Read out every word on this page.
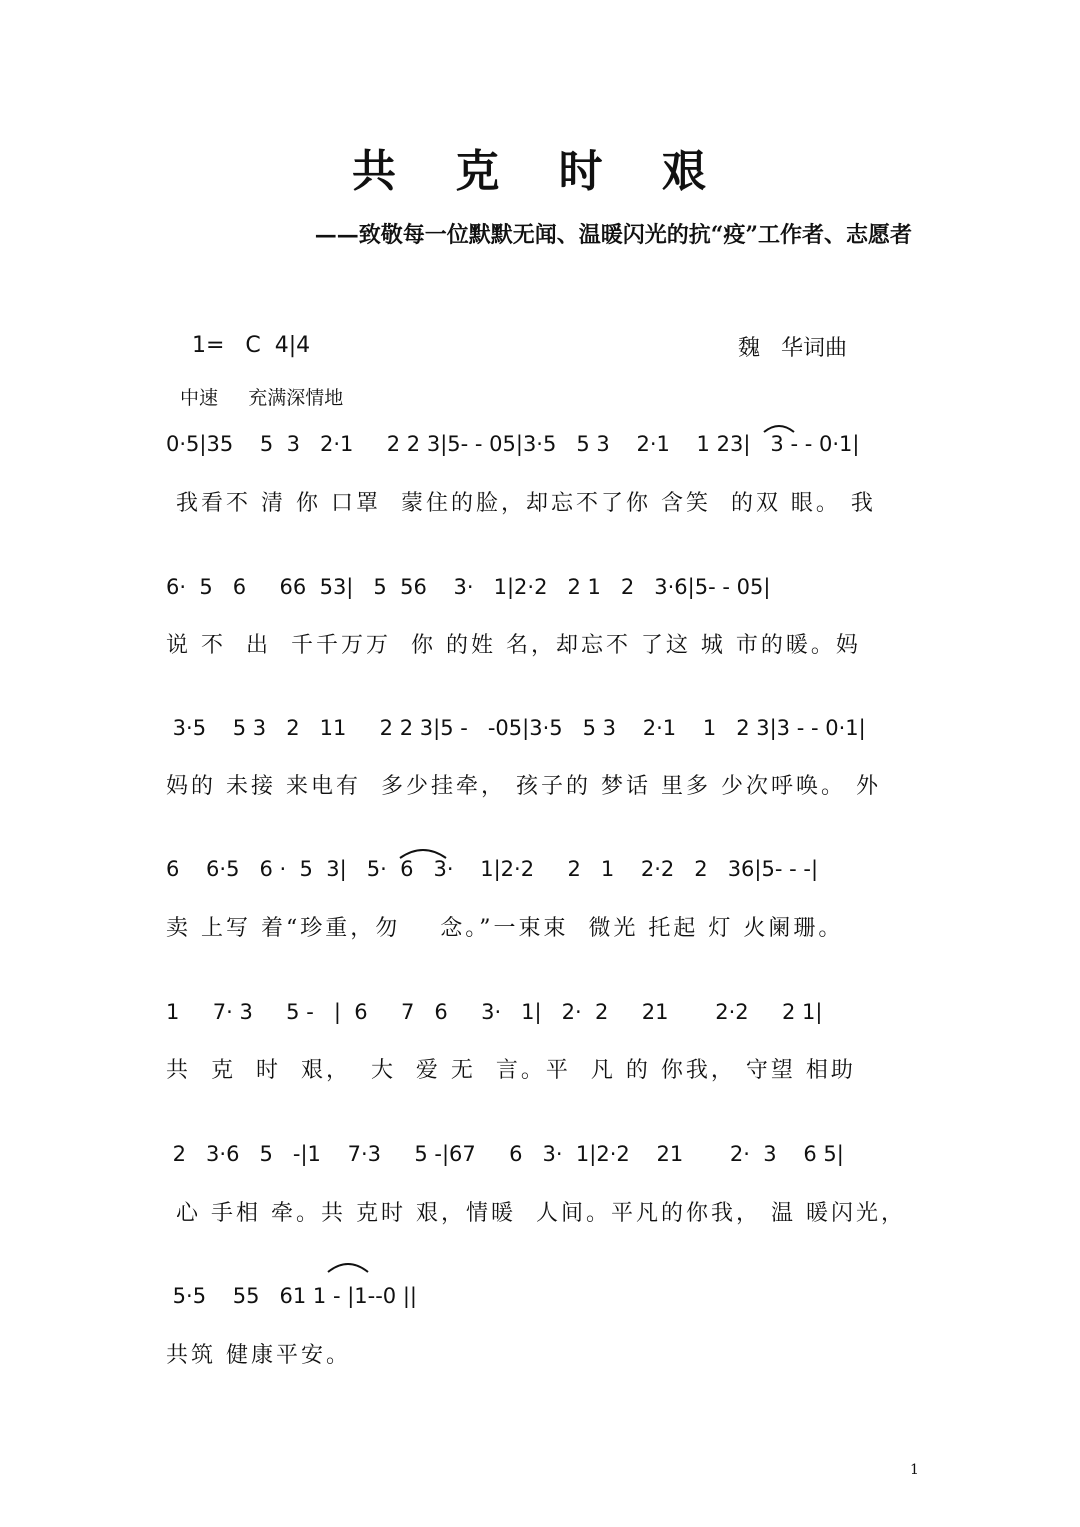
共 克 时 艰
——致敬每一位默默无闻、温暖闪光的抗“疫”工作者、志愿者
1=   C  4|4	魏   华词曲
中速     充满深情地
0·5|35    5  3   2·1     2 2 3|5- - 05|3·5   5 3    2·1    1 23|   3 - - 0·1|
我看不 清 你 口罩  蒙住的脸，却忘不了你 含笑  的双 眼。 我
6·  5   6     66  53|   5  56    3·   1|2·2   2 1   2   3·6|5- - 05|
说 不  出  千千万万  你 的姓 名，却忘不 了这 城 市的暖。妈
3·5    5 3   2   11     2 2 3|5 -   -05|3·5   5 3    2·1    1   2 3|3 - - 0·1|
妈的 未接 来电有  多少挂牵， 孩子的 梦话 里多 少次呼唤。 外
6    6·5   6 ·  5  3|   5·  6   3·    1|2·2     2   1    2·2   2   36|5- - -|
卖 上写 着“珍重，勿    念。”一束束  微光 托起 灯 火阑珊。
1     7· 3     5 -   |  6     7   6     3·   1|   2·  2     21       2·2     2 1|
共  克  时  艰，  大  爱 无  言。平  凡 的 你我， 守望 相助
2   3·6   5   -|1    7·3     5 -|67     6   3·  1|2·2    21       2·  3    6 5|
心 手相 牵。共 克时 艰，情暖  人间。平凡的你我， 温 暖闪光，
5·5    55   61 1 - |1--0 ||
共筑 健康平安。
1
